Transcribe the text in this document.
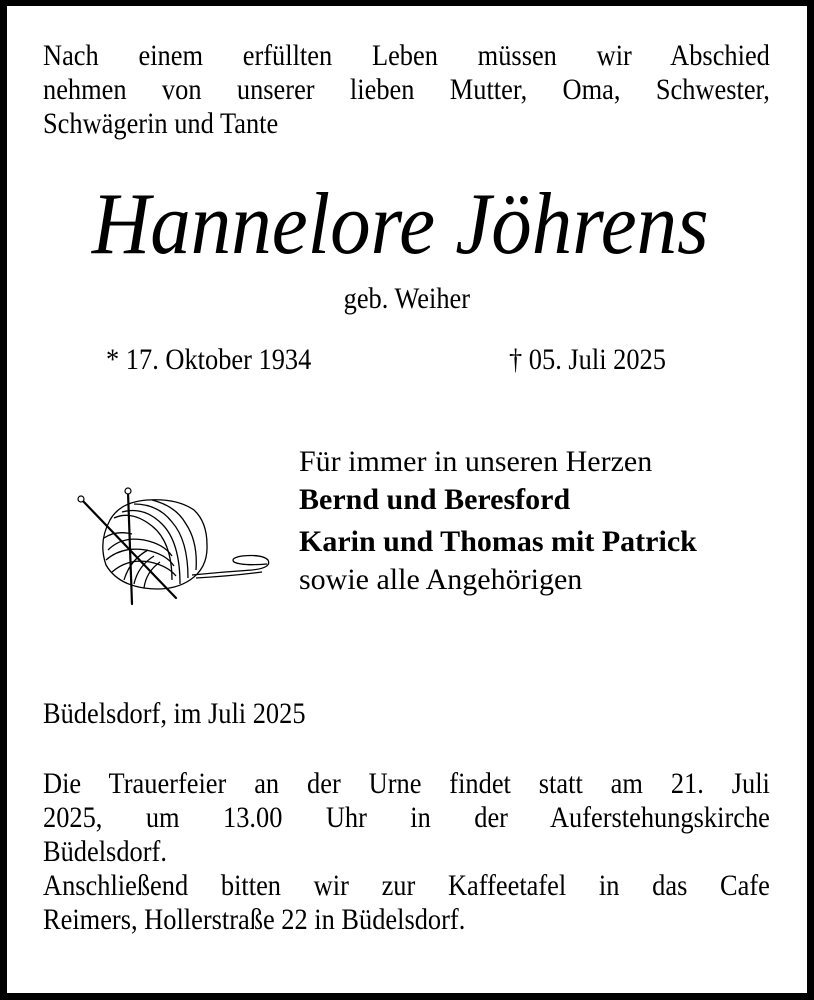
Nach einem erfüllten Leben müssen wir Abschied
nehmen von unserer lieben Mutter, Oma, Schwester,
Schwägerin und Tante
Hannelore Jöhrens
geb. Weiher
* 17. Oktober 1934	† 05. Juli 2025
Für immer in unseren Herzen
Bernd und Beresford
Karin und Thomas mit Patrick
sowie alle Angehörigen
Büdelsdorf, im Juli 2025
Die Trauerfeier an der Urne findet statt am 21. Juli
2025, um 13.00 Uhr in der Auferstehungskirche
Büdelsdorf.
Anschließend bitten wir zur Kaffeetafel in das Cafe
Reimers, Hollerstraße 22 in Büdelsdorf.
